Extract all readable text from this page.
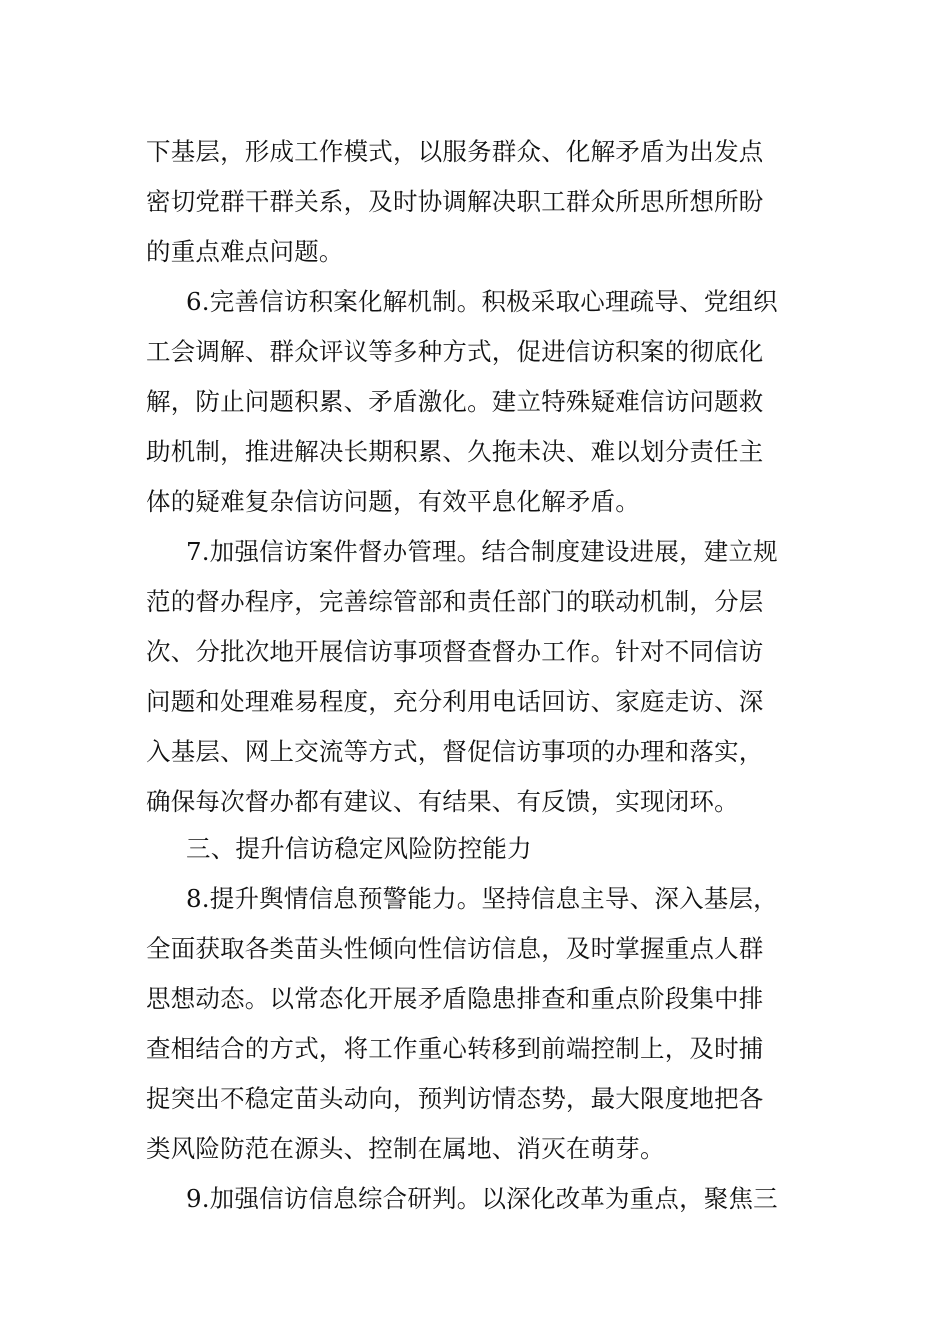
下基层，形成工作模式，以服务群众、化解矛盾为出发点
密切党群干群关系，及时协调解决职工群众所思所想所盼
的重点难点问题。
6.完善信访积案化解机制。积极采取心理疏导、党组织
工会调解、群众评议等多种方式，促进信访积案的彻底化
解，防止问题积累、矛盾激化。建立特殊疑难信访问题救
助机制，推进解决长期积累、久拖未决、难以划分责任主
体的疑难复杂信访问题，有效平息化解矛盾。
7.加强信访案件督办管理。结合制度建设进展，建立规
范的督办程序，完善综管部和责任部门的联动机制，分层
次、分批次地开展信访事项督查督办工作。针对不同信访
问题和处理难易程度，充分利用电话回访、家庭走访、深
入基层、网上交流等方式，督促信访事项的办理和落实，
确保每次督办都有建议、有结果、有反馈，实现闭环。
三、提升信访稳定风险防控能力
8.提升舆情信息预警能力。坚持信息主导、深入基层，
全面获取各类苗头性倾向性信访信息，及时掌握重点人群
思想动态。以常态化开展矛盾隐患排查和重点阶段集中排
查相结合的方式，将工作重心转移到前端控制上，及时捕
捉突出不稳定苗头动向，预判访情态势，最大限度地把各
类风险防范在源头、控制在属地、消灭在萌芽。
9.加强信访信息综合研判。以深化改革为重点，聚焦三
